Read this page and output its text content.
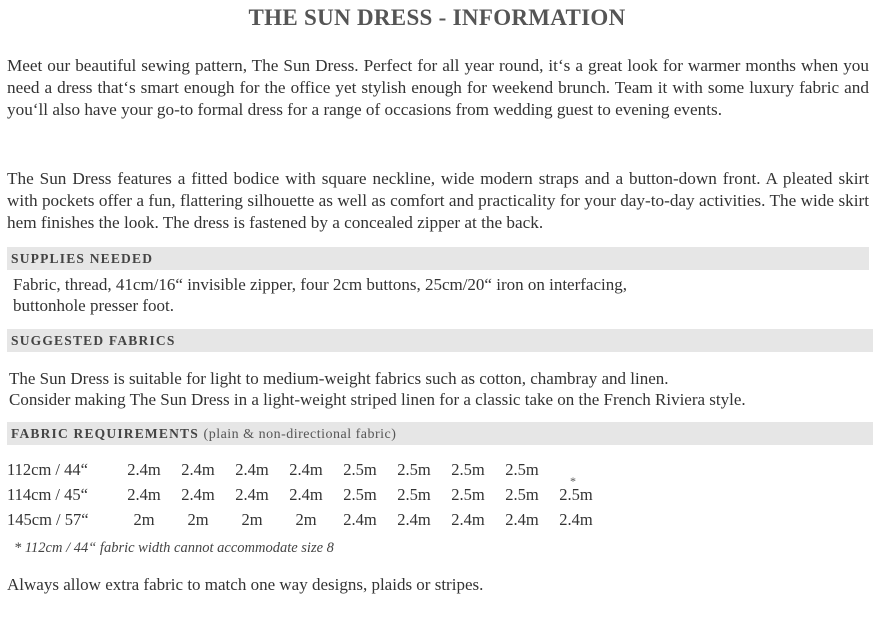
THE SUN DRESS - INFORMATION
Meet our beautiful sewing pattern, The Sun Dress. Perfect for all year round, it‘s a great look for warmer months when you need a dress that‘s smart enough for the office yet stylish enough for weekend brunch. Team it with some luxury fabric and you‘ll also have your go-to formal dress for a range of occasions from wedding guest to evening events.
The Sun Dress features a fitted bodice with square neckline, wide modern straps and a button-down front. A pleated skirt with pockets offer a fun, flattering silhouette as well as comfort and practicality for your day-to-day activities. The wide skirt hem finishes the look. The dress is fastened by a concealed zipper at the back.
SUPPLIES NEEDED
Fabric, thread, 41cm/16“ invisible zipper, four 2cm buttons, 25cm/20“ iron on interfacing,
buttonhole presser foot.
SUGGESTED FABRICS
The Sun Dress is suitable for light to medium-weight fabrics such as cotton, chambray and linen.
Consider making The Sun Dress in a light-weight striped linen for a classic take on the French Riviera style.
FABRIC REQUIREMENTS (plain & non-directional fabric)
112cm / 44“	2.4m	2.4m	2.4m	2.4m	2.5m	2.5m	2.5m	2.5m
*
114cm / 45“	2.4m	2.4m	2.4m	2.4m	2.5m	2.5m	2.5m	2.5m	2.5m
145cm / 57“	2m	2m	2m	2m	2.4m	2.4m	2.4m	2.4m	2.4m
* 112cm / 44“ fabric width cannot accommodate size 8
Always allow extra fabric to match one way designs, plaids or stripes.
